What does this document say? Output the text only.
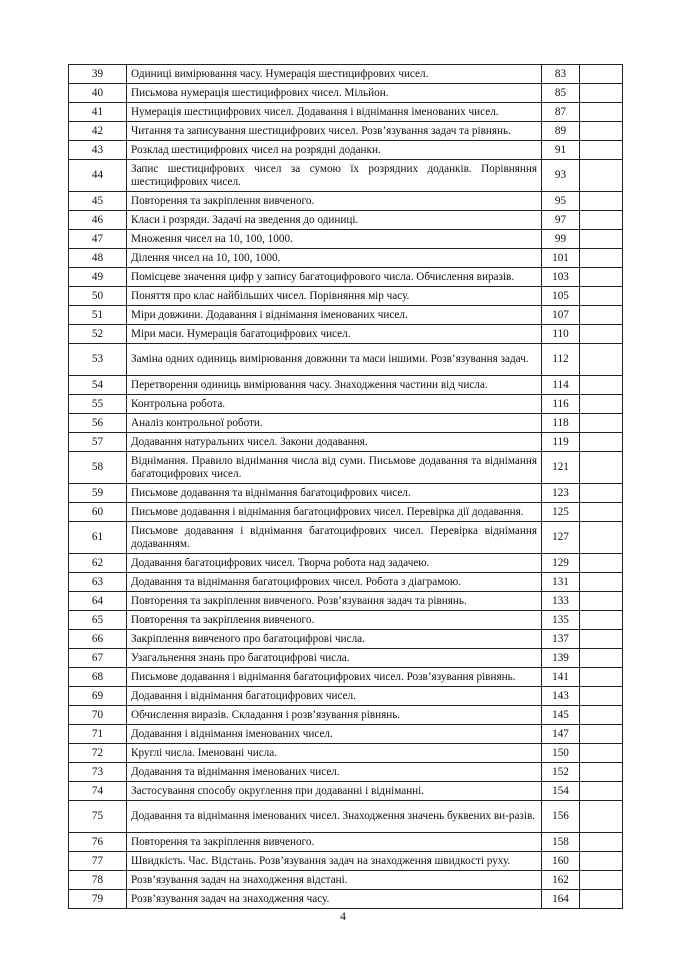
39	Одиниці вимірювання часу. Нумерація шестицифрових чисел.	83	
40	Письмова нумерація шестицифрових чисел. Мільйон.	85	
41	Нумерація шестицифрових чисел. Додавання і віднімання іменованих чисел.	87	
42	Читання та записування шестицифрових чисел. Розв’язування задач та рівнянь.	89	
43	Розклад шестицифрових чисел на розрядні доданки.	91	
44	Запис шестицифрових чисел за сумою їх розрядних доданків. Порівняння шестицифрових чисел.	93	
45	Повторення та закріплення вивченого.	95	
46	Класи і розряди. Задачі на зведення до одиниці.	97	
47	Множення чисел на 10, 100, 1000.	99	
48	Ділення чисел на 10, 100, 1000.	101	
49	Помісцеве значення цифр у запису багатоцифрового числа. Обчислення виразів.	103	
50	Поняття про клас найбільших чисел. Порівняння мір часу.	105	
51	Міри довжини. Додавання і віднімання іменованих чисел.	107	
52	Міри маси. Нумерація багатоцифрових чисел.	110	
53	Заміна одних одиниць вимірювання довжини та маси іншими. Розв’язування задач.	112	
54	Перетворення одиниць вимірювання часу. Знаходження частини від числа.	114	
55	Контрольна робота.	116	
56	Аналіз контрольної роботи.	118	
57	Додавання натуральних чисел. Закони додавання.	119	
58	Віднімання. Правило віднімання числа від суми. Письмове додавання та віднімання багатоцифрових чисел.	121	
59	Письмове додавання та віднімання багатоцифрових чисел.	123	
60	Письмове додавання і віднімання багатоцифрових чисел. Перевірка дії додавання.	125	
61	Письмове додавання і віднімання багатоцифрових чисел. Перевірка віднімання додаванням.	127	
62	Додавання багатоцифрових чисел. Творча робота над задачею.	129	
63	Додавання та віднімання багатоцифрових чисел. Робота з діаграмою.	131	
64	Повторення та закріплення вивченого. Розв’язування задач та рівнянь.	133	
65	Повторення та закріплення вивченого.	135	
66	Закріплення вивченого про багатоцифрові числа.	137	
67	Узагальнення знань про багатоцифрові числа.	139	
68	Письмове додавання і віднімання багатоцифрових чисел. Розв’язування рівнянь.	141	
69	Додавання і віднімання багатоцифрових чисел.	143	
70	Обчислення виразів. Складання і розв’язування рівнянь.	145	
71	Додавання і віднімання іменованих чисел.	147	
72	Круглі числа. Іменовані числа.	150	
73	Додавання та віднімання іменованих чисел.	152	
74	Застосування способу округлення при додаванні і відніманні.	154	
75	Додавання та віднімання іменованих чисел. Знаходження значень буквених ви-разів.	156	
76	Повторення та закріплення вивченого.	158	
77	Швидкість. Час. Відстань. Розв’язування задач на знаходження швидкості руху.	160	
78	Розв’язування задач на знаходження відстані.	162	
79	Розв’язування задач на знаходження часу.	164	
4
